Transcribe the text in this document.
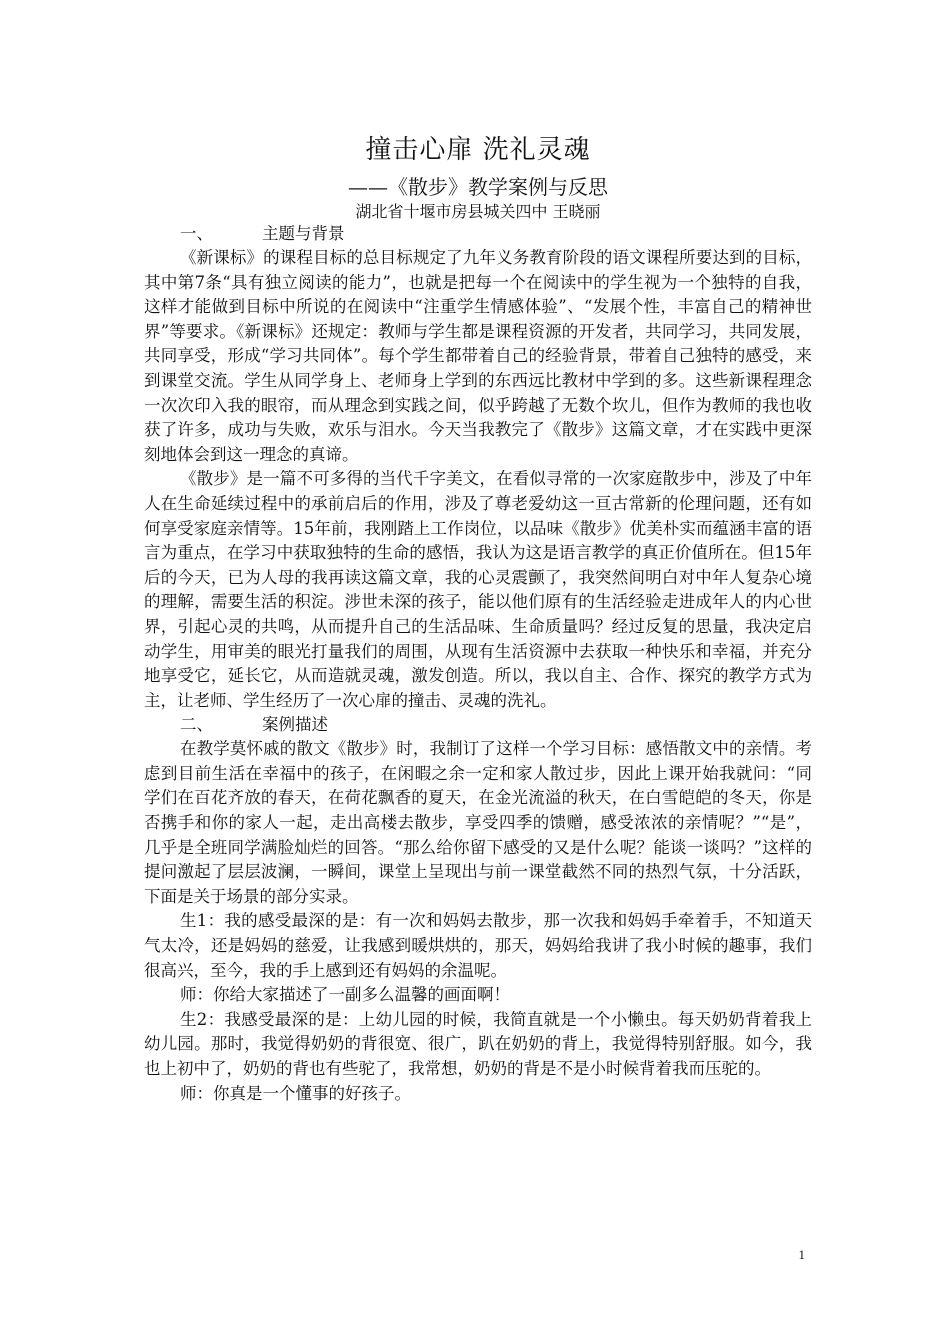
撞击心扉 洗礼灵魂

——《散步》教学案例与反思

湖北省十堰市房县城关四中 王晓丽

一、	主题与背景

《新课标》的课程目标的总目标规定了九年义务教育阶段的语文课程所要达到的目标，其中第7条“具有独立阅读的能力”，也就是把每一个在阅读中的学生视为一个独特的自我，这样才能做到目标中所说的在阅读中“注重学生情感体验”、“发展个性，丰富自己的精神世界”等要求。《新课标》还规定：教师与学生都是课程资源的开发者，共同学习，共同发展，共同享受，形成“学习共同体”。每个学生都带着自己的经验背景，带着自己独特的感受，来到课堂交流。学生从同学身上、老师身上学到的东西远比教材中学到的多。这些新课程理念一次次印入我的眼帘，而从理念到实践之间，似乎跨越了无数个坎儿，但作为教师的我也收获了许多，成功与失败，欢乐与泪水。今天当我教完了《散步》这篇文章，才在实践中更深刻地体会到这一理念的真谛。

《散步》是一篇不可多得的当代千字美文，在看似寻常的一次家庭散步中，涉及了中年人在生命延续过程中的承前启后的作用，涉及了尊老爱幼这一亘古常新的伦理问题，还有如何享受家庭亲情等。15年前，我刚踏上工作岗位，以品味《散步》优美朴实而蕴涵丰富的语言为重点，在学习中获取独特的生命的感悟，我认为这是语言教学的真正价值所在。但15年后的今天，已为人母的我再读这篇文章，我的心灵震颤了，我突然间明白对中年人复杂心境的理解，需要生活的积淀。涉世未深的孩子，能以他们原有的生活经验走进成年人的内心世界，引起心灵的共鸣，从而提升自己的生活品味、生命质量吗？经过反复的思量，我决定启动学生，用审美的眼光打量我们的周围，从现有生活资源中去获取一种快乐和幸福，并充分地享受它，延长它，从而造就灵魂，激发创造。所以，我以自主、合作、探究的教学方式为主，让老师、学生经历了一次心扉的撞击、灵魂的洗礼。

二、	案例描述

在教学莫怀戚的散文《散步》时，我制订了这样一个学习目标：感悟散文中的亲情。考虑到目前生活在幸福中的孩子，在闲暇之余一定和家人散过步，因此上课开始我就问：“同学们在百花齐放的春天，在荷花飘香的夏天，在金光流溢的秋天，在白雪皑皑的冬天，你是否携手和你的家人一起，走出高楼去散步，享受四季的馈赠，感受浓浓的亲情呢？”“是”，几乎是全班同学满脸灿烂的回答。“那么给你留下感受的又是什么呢？能谈一谈吗？”这样的提问激起了层层波澜，一瞬间，课堂上呈现出与前一课堂截然不同的热烈气氛，十分活跃，下面是关于场景的部分实录。

生1：我的感受最深的是：有一次和妈妈去散步，那一次我和妈妈手牵着手，不知道天气太冷，还是妈妈的慈爱，让我感到暖烘烘的，那天，妈妈给我讲了我小时候的趣事，我们很高兴，至今，我的手上感到还有妈妈的余温呢。

师：你给大家描述了一副多么温馨的画面啊！

生2：我感受最深的是：上幼儿园的时候，我简直就是一个小懒虫。每天奶奶背着我上幼儿园。那时，我觉得奶奶的背很宽、很广，趴在奶奶的背上，我觉得特别舒服。如今，我也上初中了，奶奶的背也有些驼了，我常想，奶奶的背是不是小时候背着我而压驼的。

师：你真是一个懂事的好孩子。

1
